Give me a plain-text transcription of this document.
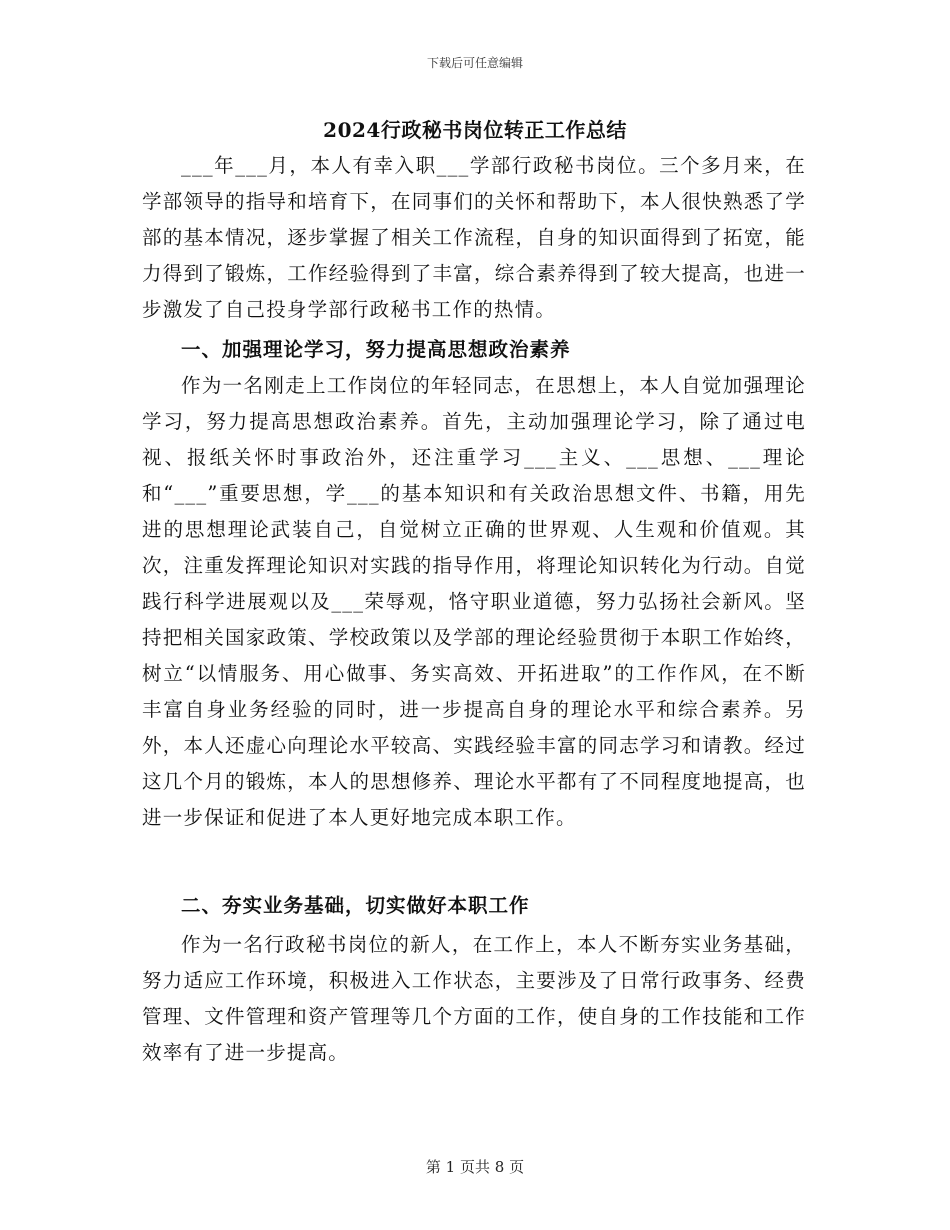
下载后可任意编辑
2024行政秘书岗位转正工作总结

___年___月，本人有幸入职___学部行政秘书岗位。三个多月来，在学部领导的指导和培育下，在同事们的关怀和帮助下，本人很快熟悉了学部的基本情况，逐步掌握了相关工作流程，自身的知识面得到了拓宽，能力得到了锻炼，工作经验得到了丰富，综合素养得到了较大提高，也进一步激发了自己投身学部行政秘书工作的热情。

一、加强理论学习，努力提高思想政治素养

作为一名刚走上工作岗位的年轻同志，在思想上，本人自觉加强理论学习，努力提高思想政治素养。首先，主动加强理论学习，除了通过电视、报纸关怀时事政治外，还注重学习___主义、___思想、___理论和“___”重要思想，学___的基本知识和有关政治思想文件、书籍，用先进的思想理论武装自己，自觉树立正确的世界观、人生观和价值观。其次，注重发挥理论知识对实践的指导作用，将理论知识转化为行动。自觉践行科学进展观以及___荣辱观，恪守职业道德，努力弘扬社会新风。坚持把相关国家政策、学校政策以及学部的理论经验贯彻于本职工作始终，树立“以情服务、用心做事、务实高效、开拓进取”的工作作风，在不断丰富自身业务经验的同时，进一步提高自身的理论水平和综合素养。另外，本人还虚心向理论水平较高、实践经验丰富的同志学习和请教。经过这几个月的锻炼，本人的思想修养、理论水平都有了不同程度地提高，也进一步保证和促进了本人更好地完成本职工作。

二、夯实业务基础，切实做好本职工作

作为一名行政秘书岗位的新人，在工作上，本人不断夯实业务基础，努力适应工作环境，积极进入工作状态，主要涉及了日常行政事务、经费管理、文件管理和资产管理等几个方面的工作，使自身的工作技能和工作效率有了进一步提高。

第 1 页共 8 页
